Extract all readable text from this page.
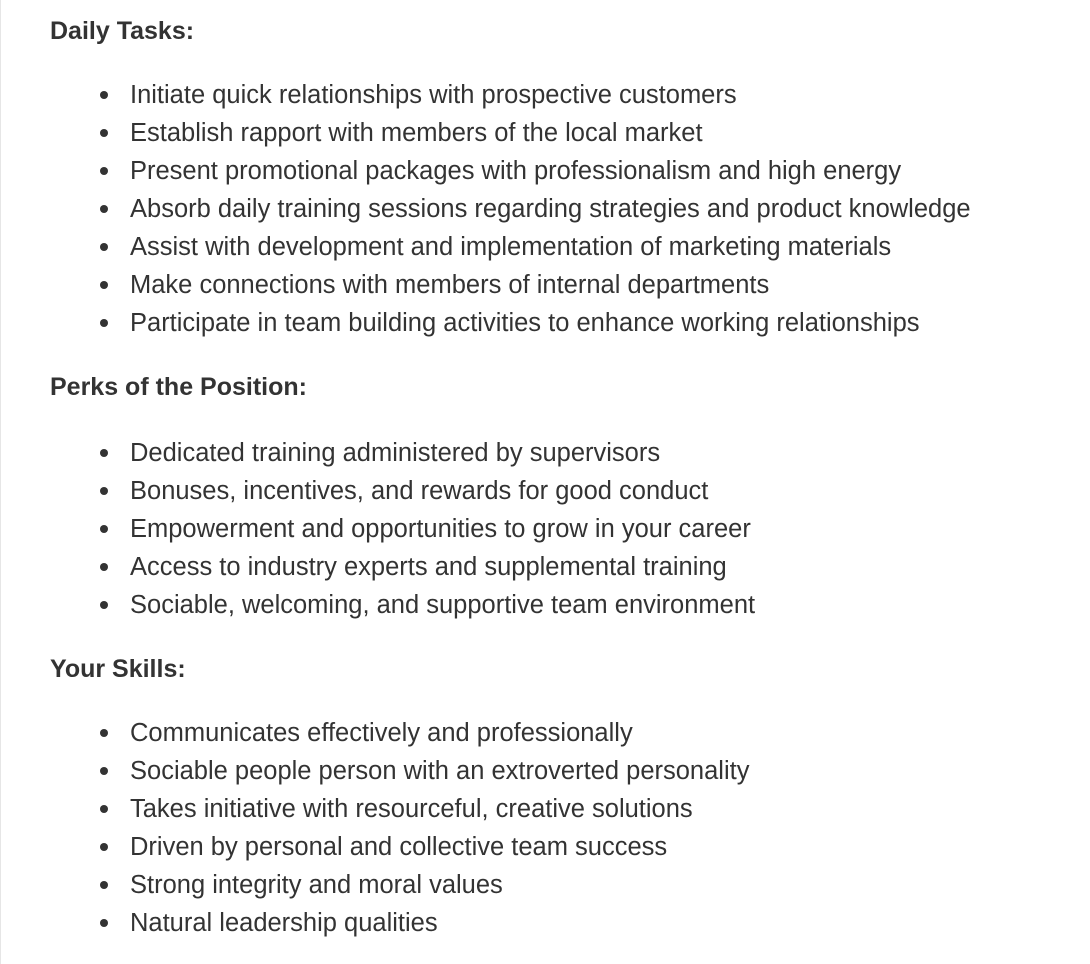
Daily Tasks:
Initiate quick relationships with prospective customers
Establish rapport with members of the local market
Present promotional packages with professionalism and high energy
Absorb daily training sessions regarding strategies and product knowledge
Assist with development and implementation of marketing materials
Make connections with members of internal departments
Participate in team building activities to enhance working relationships
Perks of the Position:
Dedicated training administered by supervisors
Bonuses, incentives, and rewards for good conduct
Empowerment and opportunities to grow in your career
Access to industry experts and supplemental training
Sociable, welcoming, and supportive team environment
Your Skills:
Communicates effectively and professionally
Sociable people person with an extroverted personality
Takes initiative with resourceful, creative solutions
Driven by personal and collective team success
Strong integrity and moral values
Natural leadership qualities
